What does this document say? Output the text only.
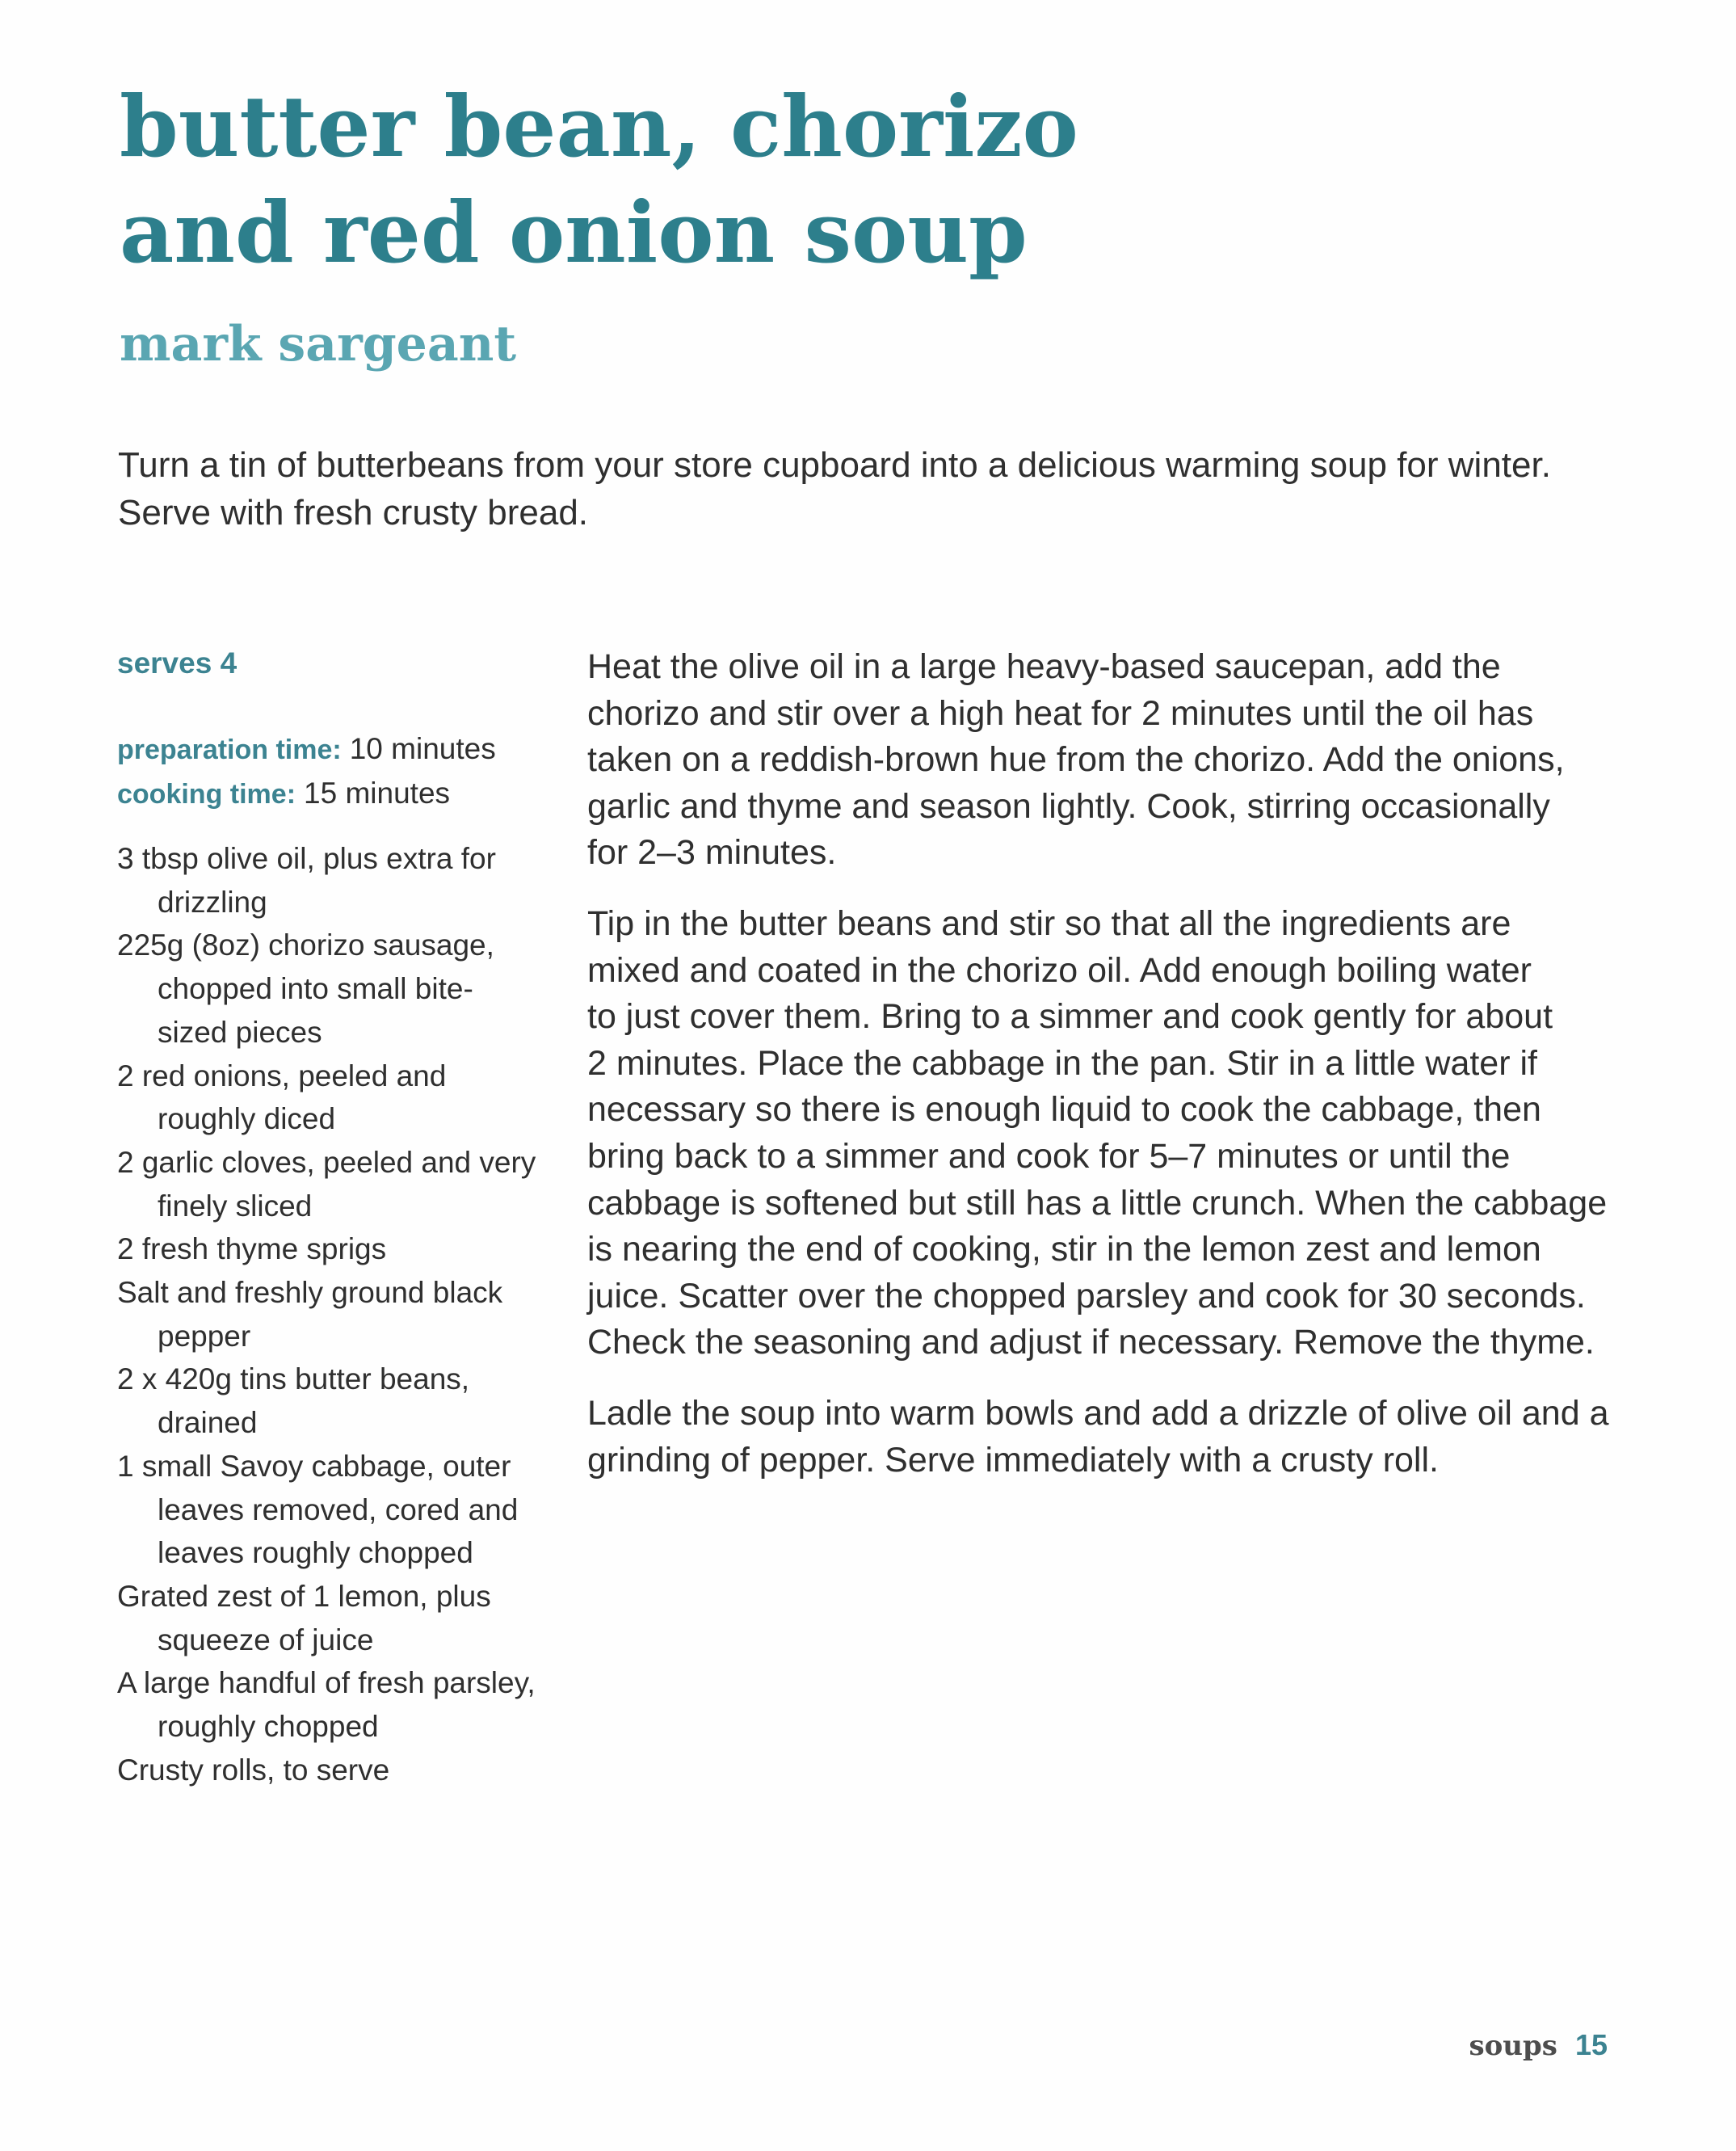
butter bean, chorizo
and red onion soup
mark sargeant
Turn a tin of butterbeans from your store cupboard into a delicious warming soup for winter.
Serve with fresh crusty bread.
serves 4
preparation time: 10 minutes
cooking time: 15 minutes
3 tbsp olive oil, plus extra for
drizzling
225g (8oz) chorizo sausage,
chopped into small bite-
sized pieces
2 red onions, peeled and
roughly diced
2 garlic cloves, peeled and very
finely sliced
2 fresh thyme sprigs
Salt and freshly ground black
pepper
2 x 420g tins butter beans,
drained
1 small Savoy cabbage, outer
leaves removed, cored and
leaves roughly chopped
Grated zest of 1 lemon, plus
squeeze of juice
A large handful of fresh parsley,
roughly chopped
Crusty rolls, to serve

Heat the olive oil in a large heavy-based saucepan, add the
chorizo and stir over a high heat for 2 minutes until the oil has
taken on a reddish-brown hue from the chorizo. Add the onions,
garlic and thyme and season lightly. Cook, stirring occasionally
for 2–3 minutes.

Tip in the butter beans and stir so that all the ingredients are
mixed and coated in the chorizo oil. Add enough boiling water
to just cover them. Bring to a simmer and cook gently for about
2 minutes. Place the cabbage in the pan. Stir in a little water if
necessary so there is enough liquid to cook the cabbage, then
bring back to a simmer and cook for 5–7 minutes or until the
cabbage is softened but still has a little crunch. When the cabbage
is nearing the end of cooking, stir in the lemon zest and lemon
juice. Scatter over the chopped parsley and cook for 30 seconds.
Check the seasoning and adjust if necessary. Remove the thyme.

Ladle the soup into warm bowls and add a drizzle of olive oil and a
grinding of pepper. Serve immediately with a crusty roll.

soups 15
